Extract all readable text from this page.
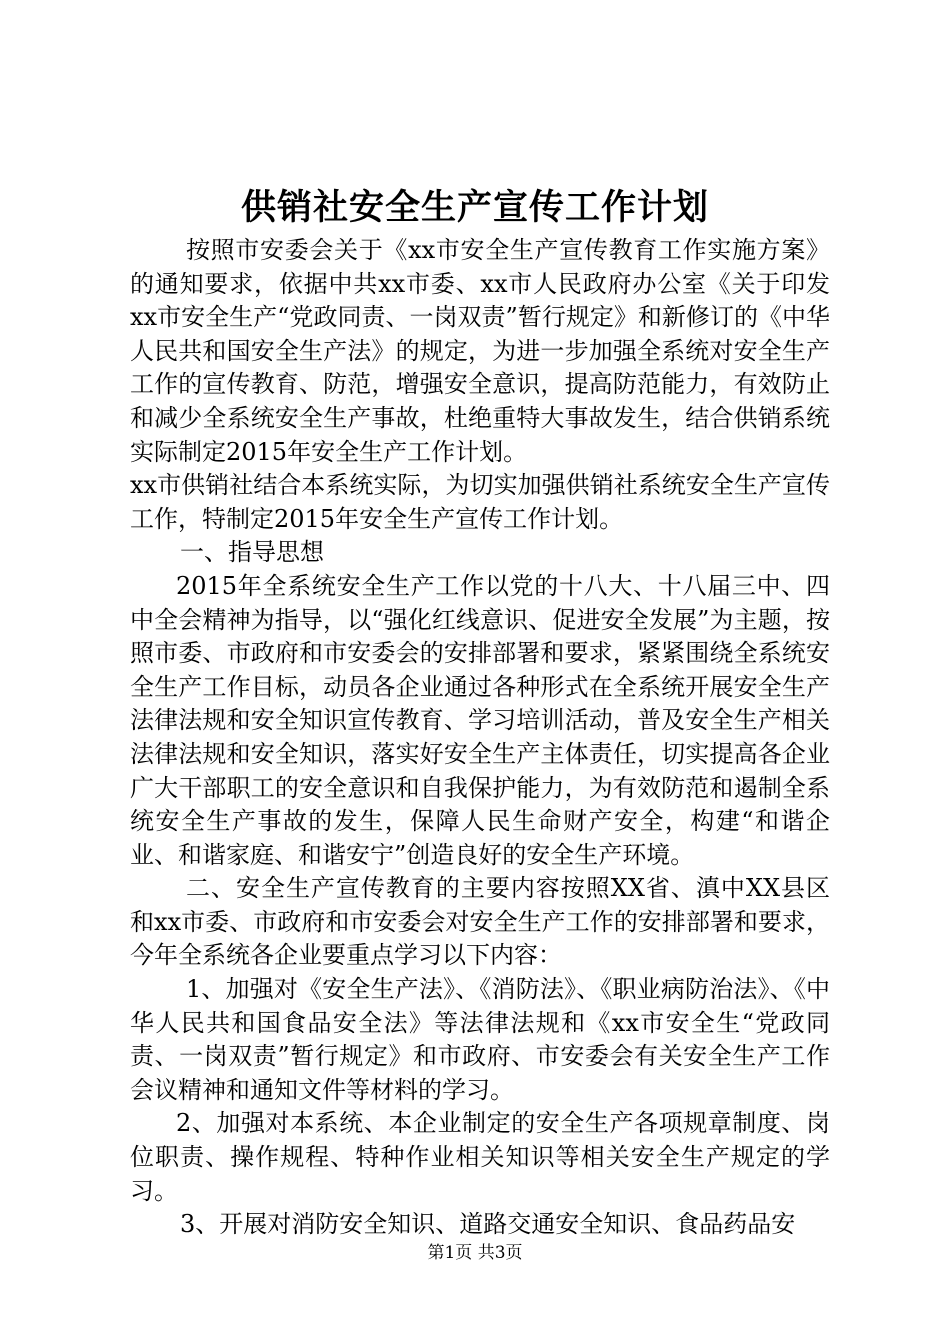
供销社安全生产宣传工作计划

按照市安委会关于《xx市安全生产宣传教育工作实施方案》的通知要求，依据中共xx市委、xx市人民政府办公室《关于印发xx市安全生产“党政同责、一岗双责”暂行规定》和新修订的《中华人民共和国安全生产法》的规定，为进一步加强全系统对安全生产工作的宣传教育、防范，增强安全意识，提高防范能力，有效防止和减少全系统安全生产事故，杜绝重特大事故发生，结合供销系统实际制定2015年安全生产工作计划。

xx市供销社结合本系统实际，为切实加强供销社系统安全生产宣传工作，特制定2015年安全生产宣传工作计划。

一、指导思想

2015年全系统安全生产工作以党的十八大、十八届三中、四中全会精神为指导，以“强化红线意识、促进安全发展”为主题，按照市委、市政府和市安委会的安排部署和要求，紧紧围绕全系统安全生产工作目标，动员各企业通过各种形式在全系统开展安全生产法律法规和安全知识宣传教育、学习培训活动，普及安全生产相关法律法规和安全知识，落实好安全生产主体责任，切实提高各企业广大干部职工的安全意识和自我保护能力，为有效防范和遏制全系统安全生产事故的发生，保障人民生命财产安全，构建“和谐企业、和谐家庭、和谐安宁”创造良好的安全生产环境。

二、安全生产宣传教育的主要内容按照XX省、滇中XX县区和xx市委、市政府和市安委会对安全生产工作的安排部署和要求，今年全系统各企业要重点学习以下内容：

1、加强对《安全生产法》、《消防法》、《职业病防治法》、《中华人民共和国食品安全法》等法律法规和《xx市安全生“党政同责、一岗双责”暂行规定》和市政府、市安委会有关安全生产工作会议精神和通知文件等材料的学习。

2、加强对本系统、本企业制定的安全生产各项规章制度、岗位职责、操作规程、特种作业相关知识等相关安全生产规定的学习。

3、开展对消防安全知识、道路交通安全知识、食品药品安

第1页 共3页
